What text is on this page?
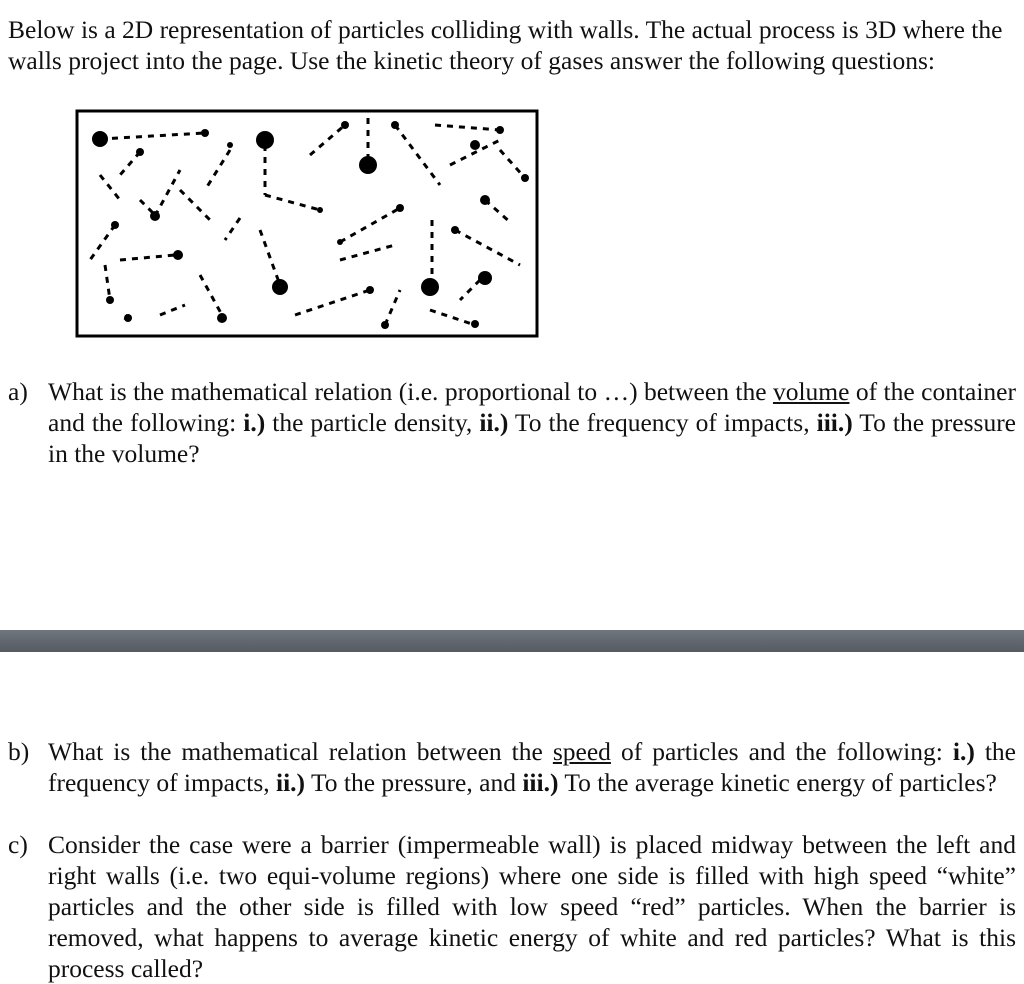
Below is a 2D representation of particles colliding with walls. The actual process is 3D where the walls project into the page. Use the kinetic theory of gases answer the following questions:
a) What is the mathematical relation (i.e. proportional to …) between the volume of the container and the following: i.) the particle density, ii.) To the frequency of impacts, iii.) To the pressure in the volume?
b) What is the mathematical relation between the speed of particles and the following: i.) the frequency of impacts, ii.) To the pressure, and iii.) To the average kinetic energy of particles?
c) Consider the case were a barrier (impermeable wall) is placed midway between the left and right walls (i.e. two equi-volume regions) where one side is filled with high speed “white” particles and the other side is filled with low speed “red” particles. When the barrier is removed, what happens to average kinetic energy of white and red particles? What is this process called?
